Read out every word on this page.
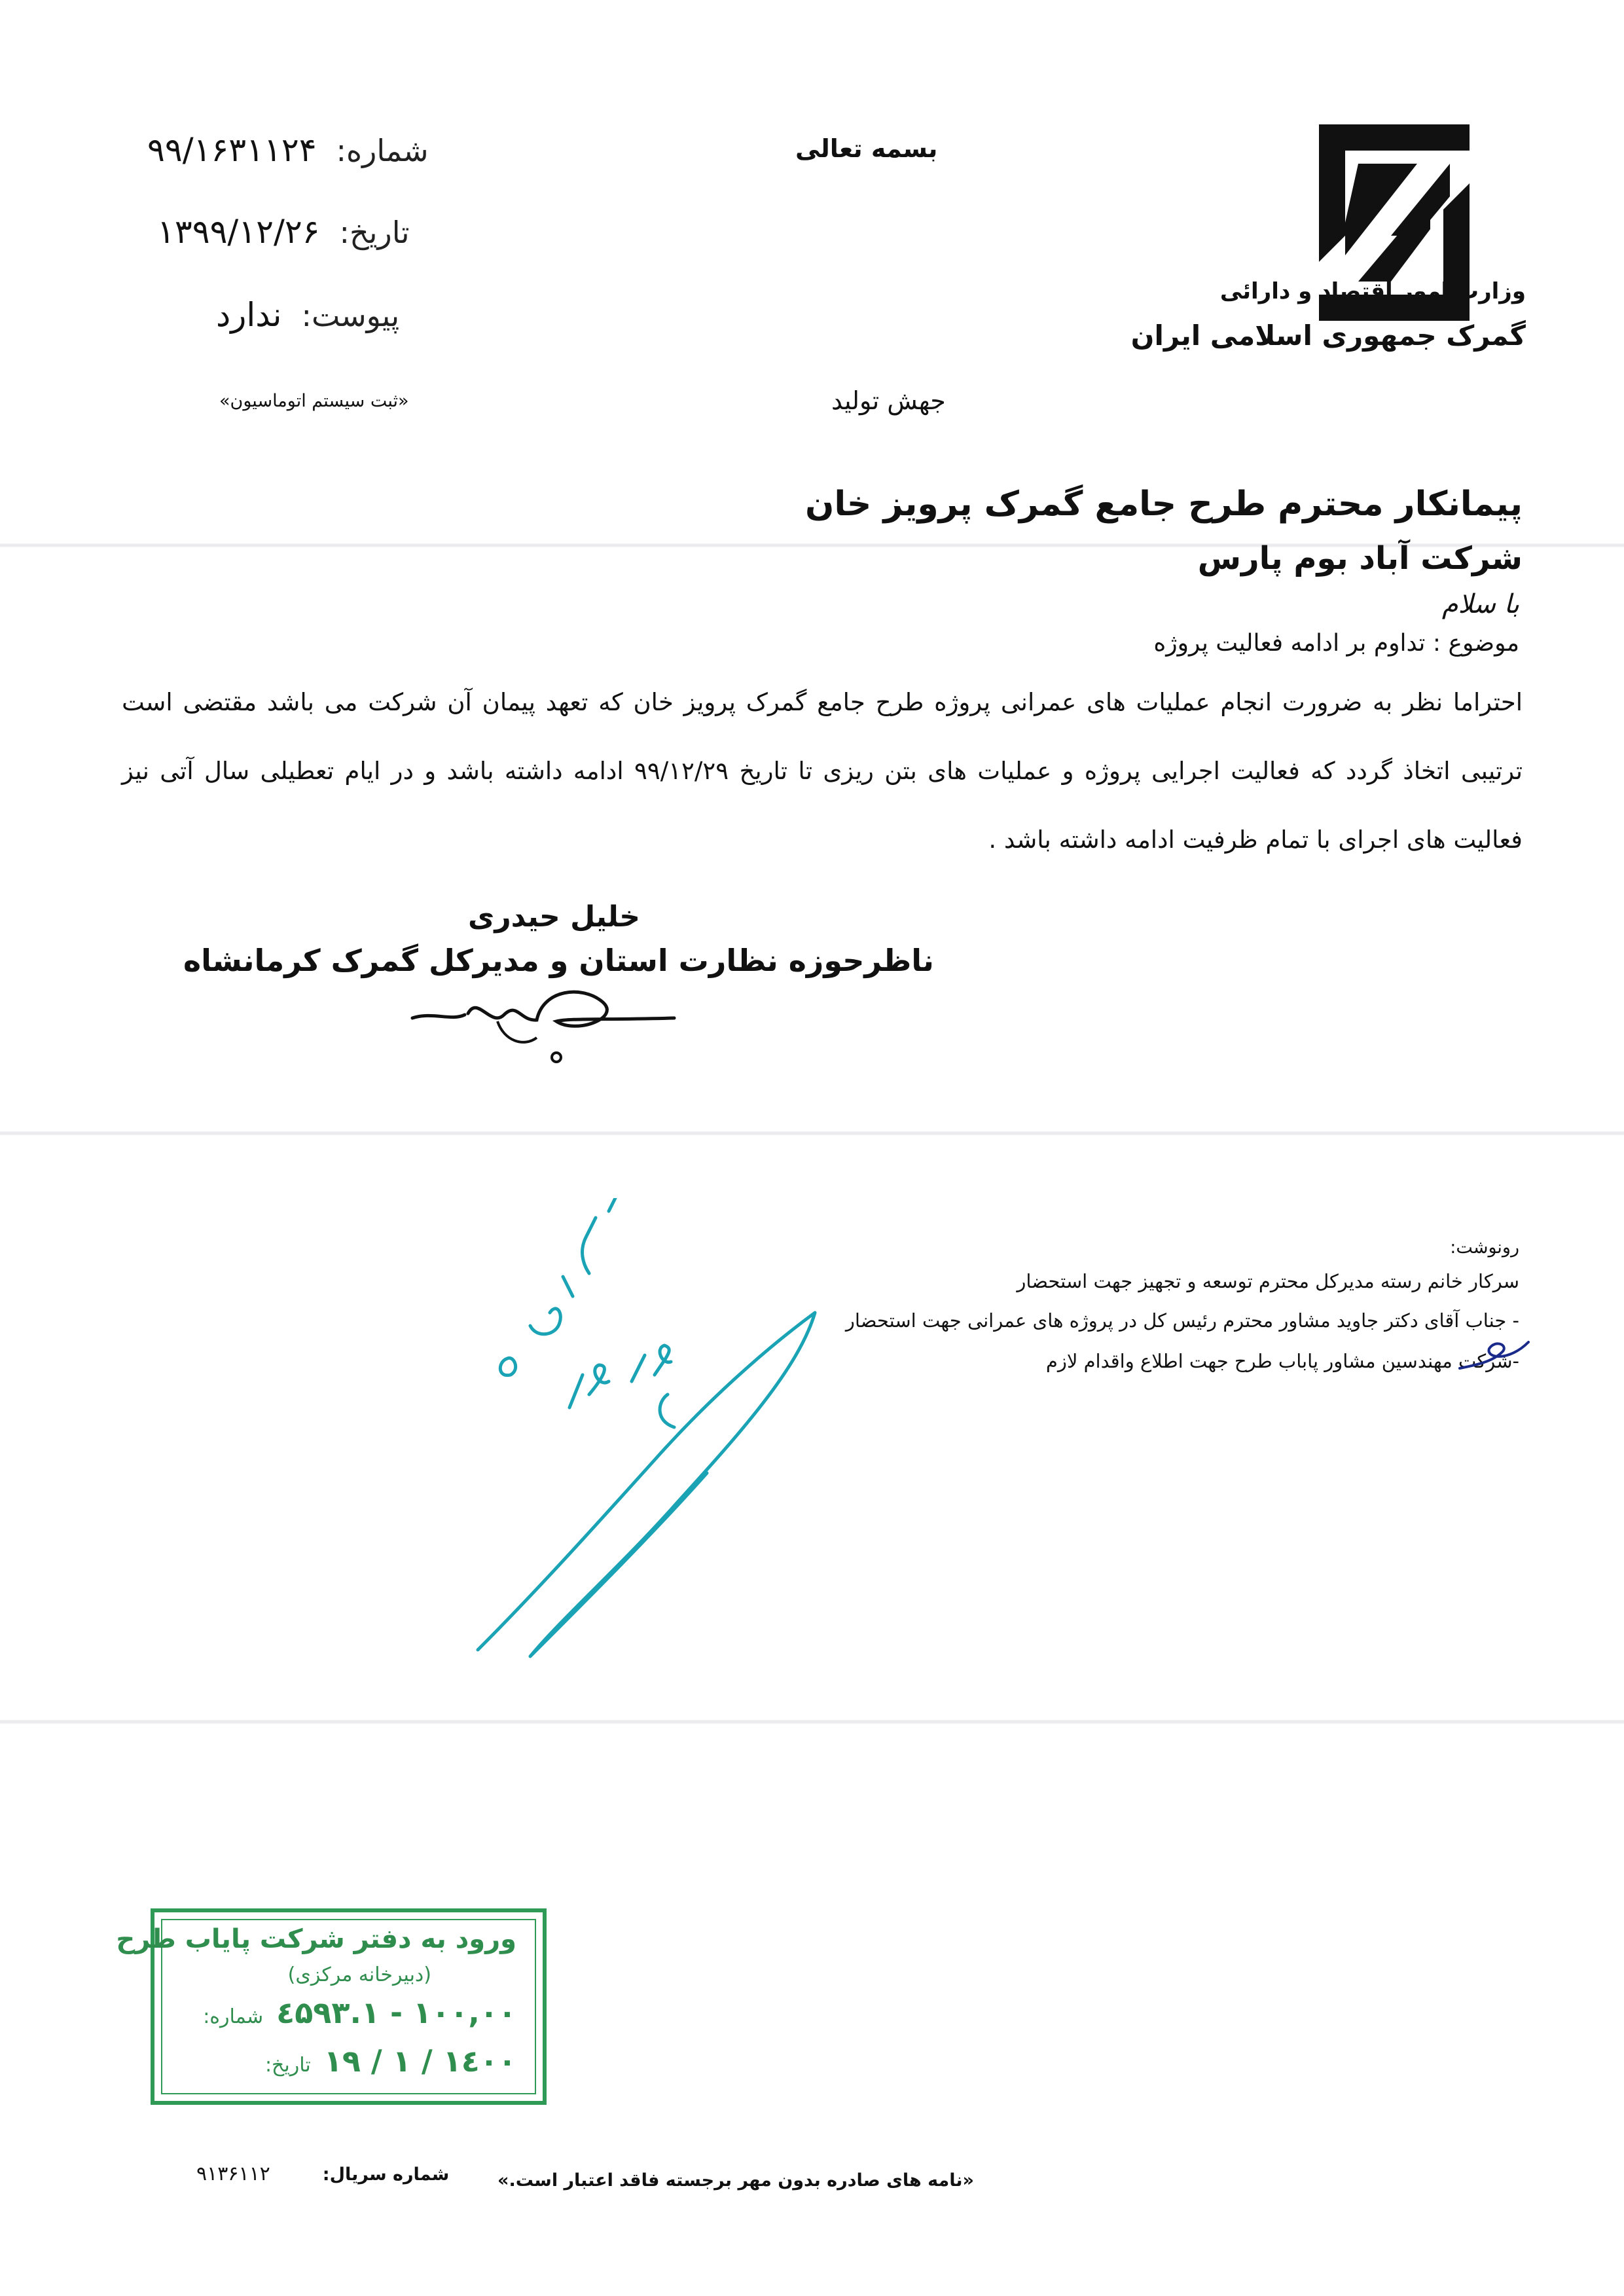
وزارت امور اقتصاد و دارائی
گمرک جمهوری اسلامی ایران
بسمه تعالی
جهش تولید
شماره:
۹۹/۱۶۳۱۱۲۴
تاریخ:
۱۳۹۹/۱۲/۲۶
پیوست:
ندارد
«ثبت سیستم اتوماسیون»
پیمانکار محترم طرح جامع گمرک پرویز خان
شرکت آباد بوم پارس
با سلام
موضوع : تداوم بر ادامه فعالیت پروژه
احتراما نظر به ضرورت انجام عملیات های عمرانی پروژه طرح جامع گمرک پرویز خان که تعهد پیمان آن شرکت می باشد مقتضی است ترتیبی اتخاذ گردد که فعالیت اجرایی پروژه و عملیات های بتن ریزی تا تاریخ ۹۹/۱۲/۲۹ ادامه داشته باشد و در ایام تعطیلی سال آتی نیز فعالیت های اجرای با تمام ظرفیت ادامه داشته باشد .
خلیل حیدری
ناظرحوزه نظارت استان و مدیرکل گمرک کرمانشاه
رونوشت:
سرکار خانم رسته مدیرکل محترم توسعه و تجهیز جهت استحضار
- جناب آقای دکتر جاوید مشاور محترم رئیس کل در پروژه های عمرانی جهت استحضار
-شرکت مهندسین مشاور پاباب طرح جهت اطلاع واقدام لازم
ورود به دفتر شرکت پایاب طرح
(دبیرخانه مرکزی)
شماره: ۱۰۰,۰۰ - ۱.٤۵۹۳
تاریخ: ۱٤۰۰ / ۱ / ۱۹
«نامه های صادره بدون مهر برجسته فاقد اعتبار است.»
شماره سریال:
۹۱۳۶۱۱۲
